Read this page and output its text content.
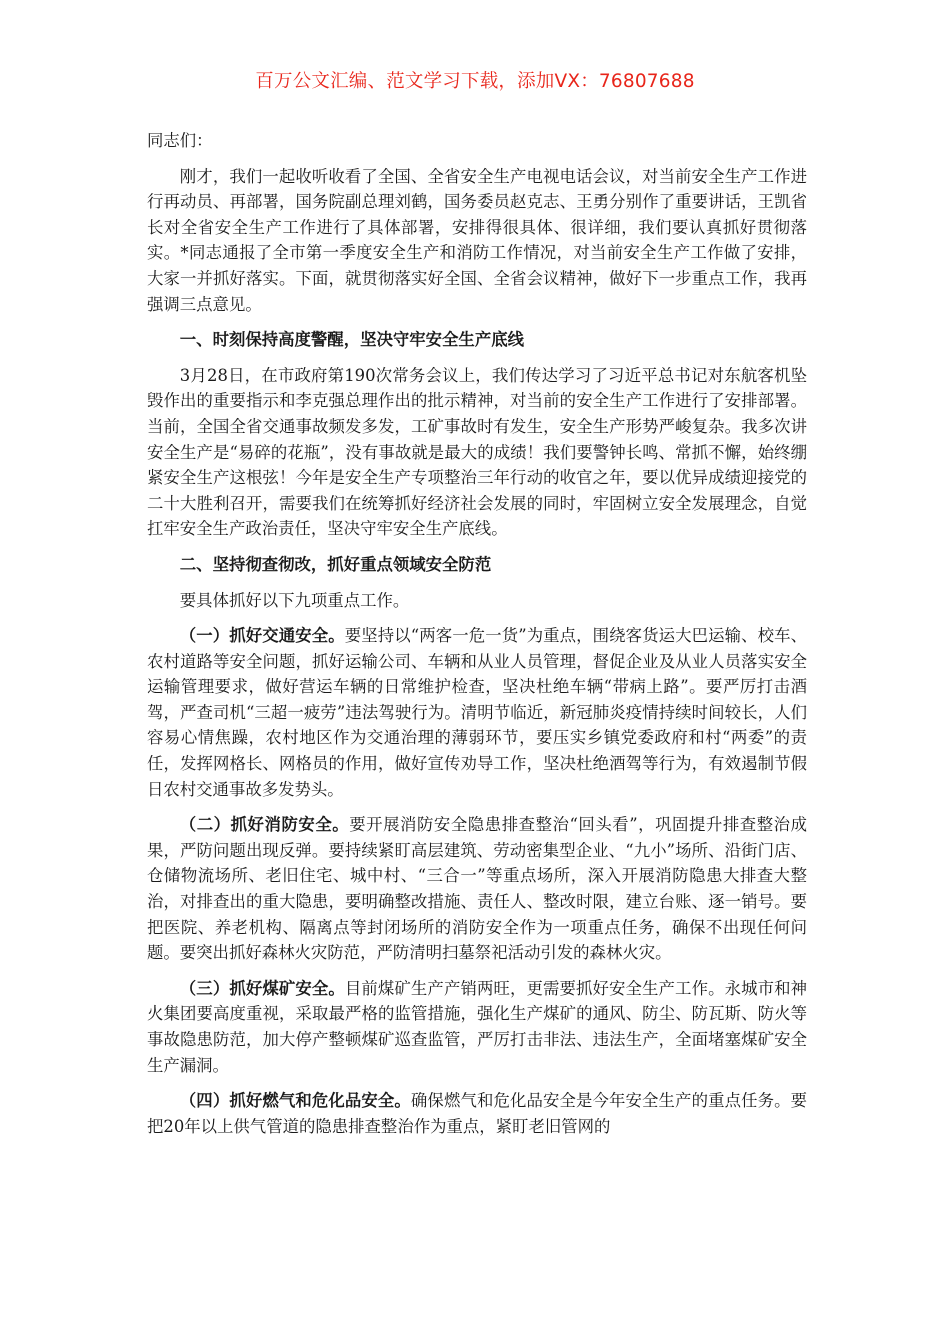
百万公文汇编、范文学习下载，添加VX：76807688

同志们：

刚才，我们一起收听收看了全国、全省安全生产电视电话会议，对当前安全生产工作进行再动员、再部署，国务院副总理刘鹤，国务委员赵克志、王勇分别作了重要讲话，王凯省长对全省安全生产工作进行了具体部署，安排得很具体、很详细，我们要认真抓好贯彻落实。*同志通报了全市第一季度安全生产和消防工作情况，对当前安全生产工作做了安排，大家一并抓好落实。下面，就贯彻落实好全国、全省会议精神，做好下一步重点工作，我再强调三点意见。

一、时刻保持高度警醒，坚决守牢安全生产底线

3月28日，在市政府第190次常务会议上，我们传达学习了习近平总书记对东航客机坠毁作出的重要指示和李克强总理作出的批示精神，对当前的安全生产工作进行了安排部署。当前，全国全省交通事故频发多发，工矿事故时有发生，安全生产形势严峻复杂。我多次讲安全生产是“易碎的花瓶”，没有事故就是最大的成绩！我们要警钟长鸣、常抓不懈，始终绷紧安全生产这根弦！今年是安全生产专项整治三年行动的收官之年，要以优异成绩迎接党的二十大胜利召开，需要我们在统筹抓好经济社会发展的同时，牢固树立安全发展理念，自觉扛牢安全生产政治责任，坚决守牢安全生产底线。

二、坚持彻查彻改，抓好重点领域安全防范

要具体抓好以下九项重点工作。

（一）抓好交通安全。要坚持以“两客一危一货”为重点，围绕客货运大巴运输、校车、农村道路等安全问题，抓好运输公司、车辆和从业人员管理，督促企业及从业人员落实安全运输管理要求，做好营运车辆的日常维护检查，坚决杜绝车辆“带病上路”。要严厉打击酒驾，严查司机“三超一疲劳”违法驾驶行为。清明节临近，新冠肺炎疫情持续时间较长，人们容易心情焦躁，农村地区作为交通治理的薄弱环节，要压实乡镇党委政府和村“两委”的责任，发挥网格长、网格员的作用，做好宣传劝导工作，坚决杜绝酒驾等行为，有效遏制节假日农村交通事故多发势头。

（二）抓好消防安全。要开展消防安全隐患排查整治“回头看”，巩固提升排查整治成果，严防问题出现反弹。要持续紧盯高层建筑、劳动密集型企业、“九小”场所、沿街门店、仓储物流场所、老旧住宅、城中村、“三合一”等重点场所，深入开展消防隐患大排查大整治，对排查出的重大隐患，要明确整改措施、责任人、整改时限，建立台账、逐一销号。要把医院、养老机构、隔离点等封闭场所的消防安全作为一项重点任务，确保不出现任何问题。要突出抓好森林火灾防范，严防清明扫墓祭祀活动引发的森林火灾。

（三）抓好煤矿安全。目前煤矿生产产销两旺，更需要抓好安全生产工作。永城市和神火集团要高度重视，采取最严格的监管措施，强化生产煤矿的通风、防尘、防瓦斯、防火等事故隐患防范，加大停产整顿煤矿巡查监管，严厉打击非法、违法生产，全面堵塞煤矿安全生产漏洞。

（四）抓好燃气和危化品安全。确保燃气和危化品安全是今年安全生产的重点任务。要把20年以上供气管道的隐患排查整治作为重点，紧盯老旧管网的
